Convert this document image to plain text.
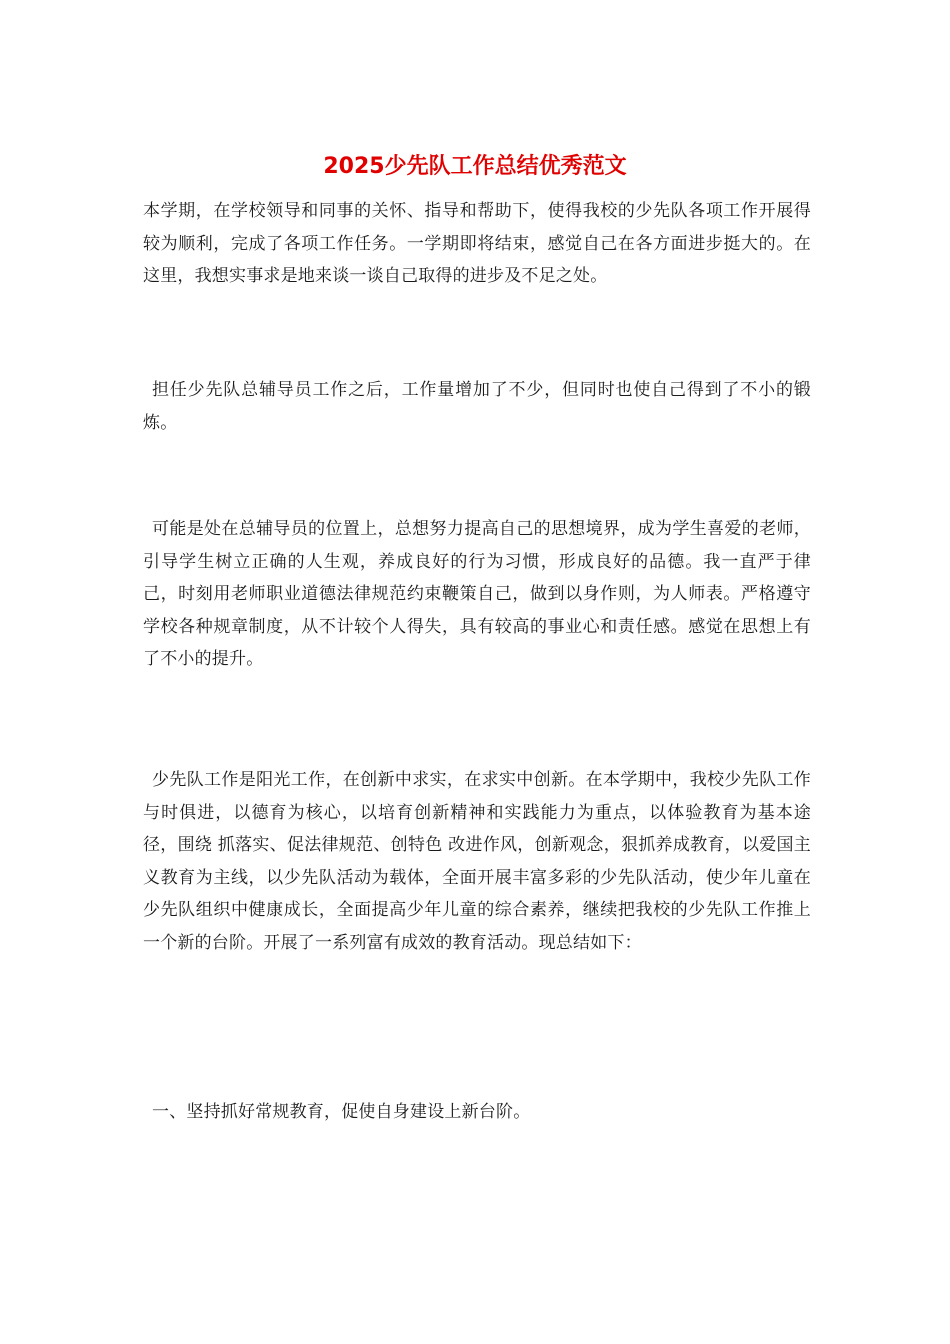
2025少先队工作总结优秀范文

本学期，在学校领导和同事的关怀、指导和帮助下，使得我校的少先队各项工作开展得较为顺利，完成了各项工作任务。一学期即将结束，感觉自己在各方面进步挺大的。在这里，我想实事求是地来谈一谈自己取得的进步及不足之处。

担任少先队总辅导员工作之后，工作量增加了不少，但同时也使自己得到了不小的锻炼。

可能是处在总辅导员的位置上，总想努力提高自己的思想境界，成为学生喜爱的老师，引导学生树立正确的人生观，养成良好的行为习惯，形成良好的品德。我一直严于律己，时刻用老师职业道德法律规范约束鞭策自己，做到以身作则，为人师表。严格遵守学校各种规章制度，从不计较个人得失，具有较高的事业心和责任感。感觉在思想上有了不小的提升。

少先队工作是阳光工作，在创新中求实，在求实中创新。在本学期中，我校少先队工作与时俱进，以德育为核心，以培育创新精神和实践能力为重点，以体验教育为基本途径，围绕 抓落实、促法律规范、创特色 改进作风，创新观念，狠抓养成教育，以爱国主义教育为主线，以少先队活动为载体，全面开展丰富多彩的少先队活动，使少年儿童在少先队组织中健康成长，全面提高少年儿童的综合素养，继续把我校的少先队工作推上一个新的台阶。开展了一系列富有成效的教育活动。现总结如下：

一、坚持抓好常规教育，促使自身建设上新台阶。
